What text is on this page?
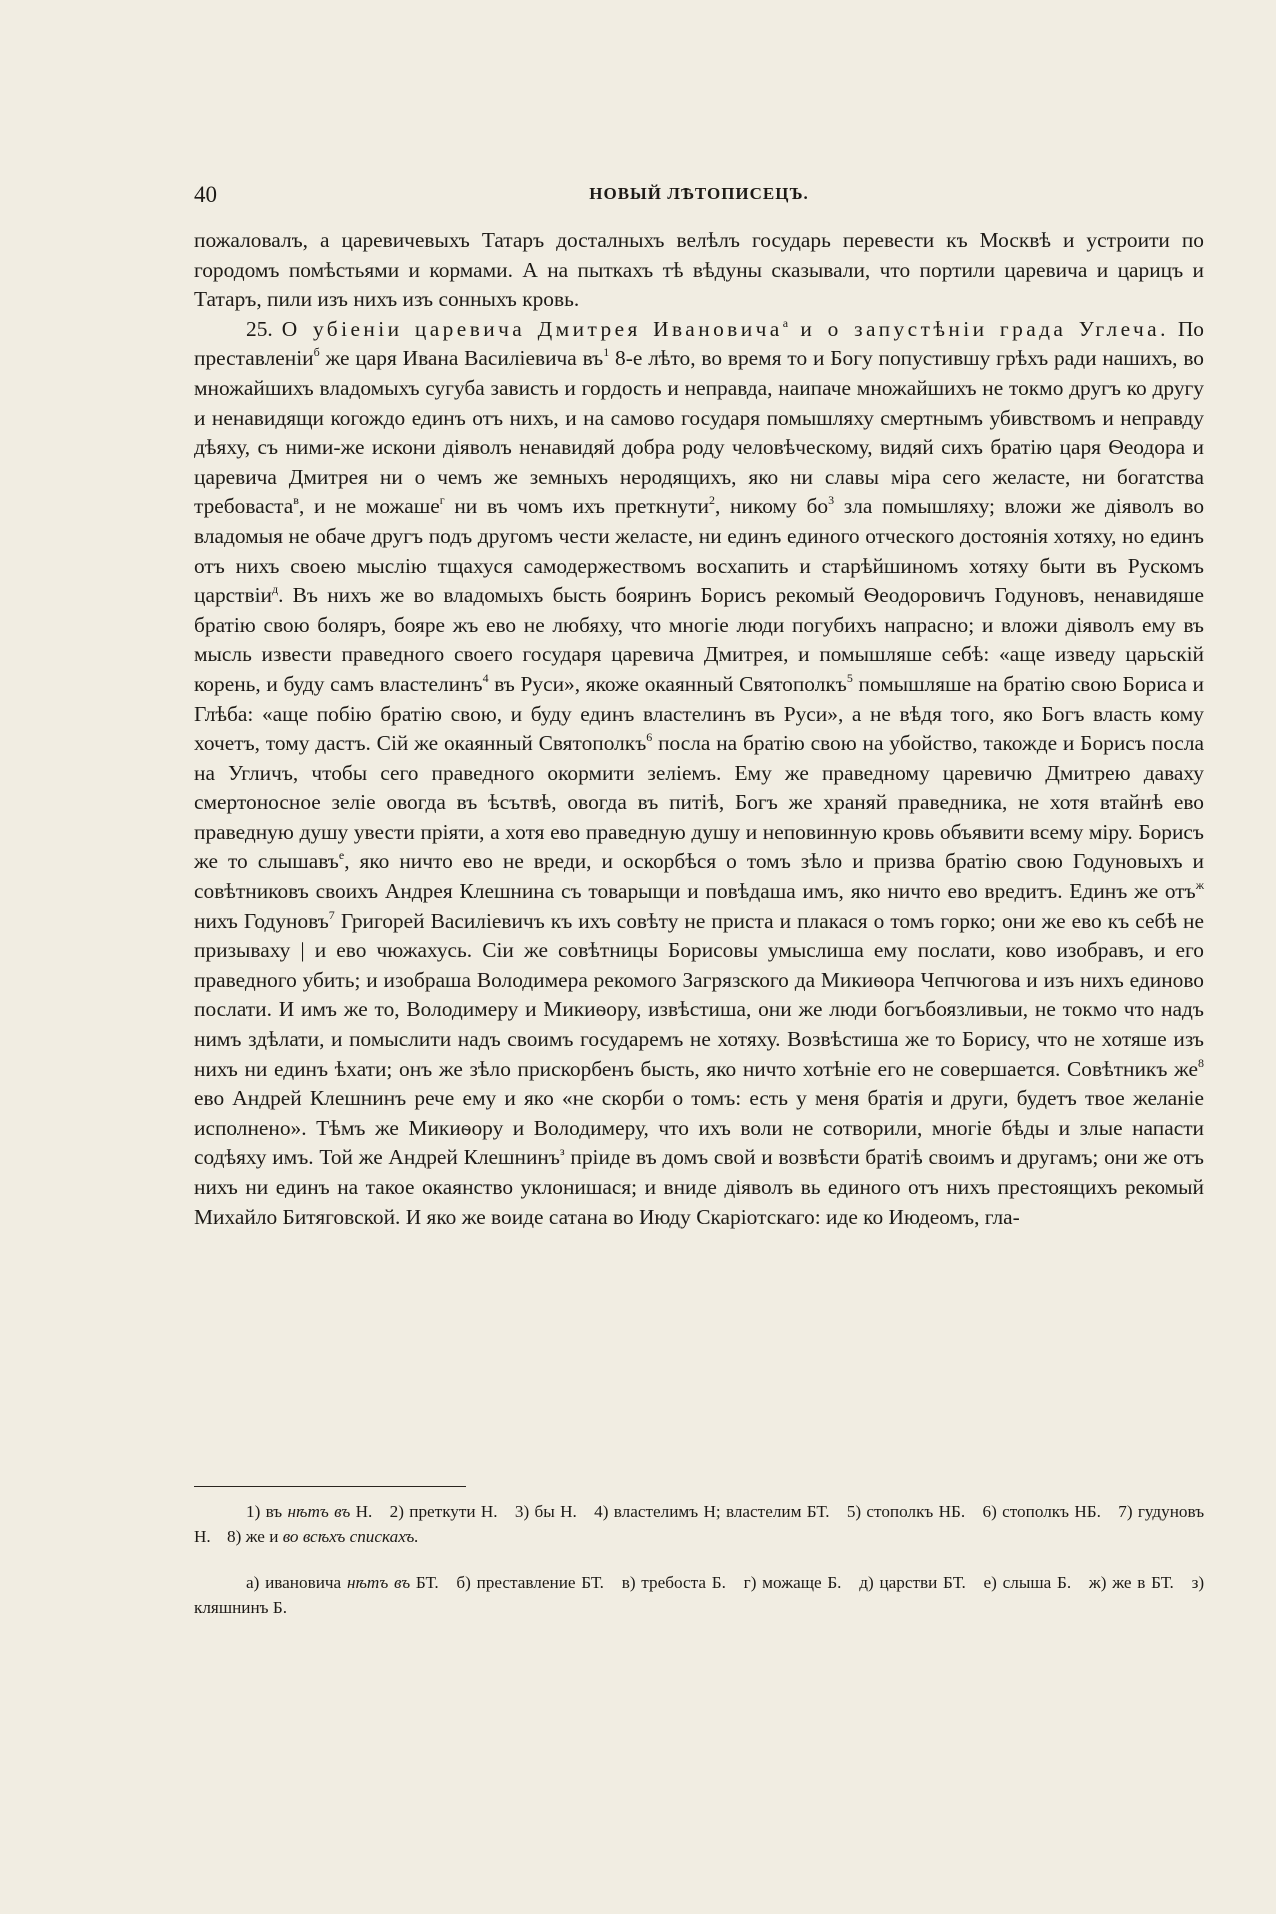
40	НОВЫЙ ЛѢТОПИСЕЦЪ.

пожаловалъ, а царевичевыхъ Татаръ досталныхъ велѣлъ государь перевести къ Москвѣ и устроити по городомъ помѣстьями и кормами. А на пыткахъ тѣ вѣдуны сказывали, что портили царевича и царицъ и Татаръ, пили изъ нихъ изъ сонныхъ кровь.

25. О убіеніи царевича Дмитрея Ивановича$^а$ и о запустѣніи града Углеча. По преставленіи$^б$ же царя Ивана Василіевича $въ^1$ 8-е лѣто, во время то и Богу попустившу грѣхъ ради нашихъ, во множайшихъ владомыхъ сугуба зависть и гордость и неправда, наипаче множайшихъ не токмо другъ ко другу и ненавидящи когождо единъ отъ нихъ, и на самово государя помышляху смертнымъ убивствомъ и неправду дѣяху, съ ними-же искони діяволъ ненавидяй добра роду человѣческому, видяй сихъ братію царя Ѳеодора и царевича Дмитрея ни о чемъ же земныхъ неродящихъ, яко ни славы міра сего желасте, ни богатства требоваста$^в$, и не можаше$^г$ ни въ чомъ ихъ преткнути$^2$, никому $бо^3$ зла помышляху; вложи же діяволъ во владомыя не обаче другъ подъ другомъ чести желасте, ни единъ единого отческого достоянія хотяху, но единъ отъ нихъ своею мыслію тщахуся самодержествомъ восхапить и старѣйшиномъ хотяху быти въ Рускомъ царствіи$^д$. Въ нихъ же во владомыхъ бысть бояринъ Борисъ рекомый Ѳеодоровичъ Годуновъ, ненавидяше братію свою боляръ, бояре жъ ево не любяху, что многіе люди погубихъ напрасно; и вложи діяволъ ему въ мысль извести праведного своего государя царевича Дмитрея, и помышляше себѣ: «аще изведу царьскій корень, и буду самъ властелинъ$^4$ въ Руси», якоже окаянный Святополкъ$^5$ помышляше на братію свою Бориса и Глѣба: «аще побію братію свою, и буду единъ властелинъ въ Руси», а не вѣдя того, яко Богъ власть кому хочетъ, тому дастъ. Сій же окаянный Святополкъ$^6$ посла на братію свою на убойство, такожде и Борисъ посла на Угличъ, чтобы сего праведного окормити зеліемъ. Ему же праведному царевичю Дмитрею даваху смертоносное зеліе овогда въ ѣсътвѣ, овогда въ питіѣ, Богъ же храняй праведника, не хотя втайнѣ ево праведную душу увести пріяти, а хотя ево праведную душу и неповинную кровь объявити всему міру. Борисъ же то слышавъ$^е$, яко ничто ево не вреди, и оскорбѣся о томъ зѣло и призва братію свою Годуновыхъ и совѣтниковъ своихъ Андрея Клешнина съ товарыщи и повѣдаша имъ, яко ничто ево вредитъ. Единъ же отъ$^ж$ нихъ Годуновъ$^7$ Григорей Василіевичъ къ ихъ совѣту не приста и плакася о томъ горко; они же ево къ себѣ не призываху | и ево чюжахусь. Сіи же совѣтницы Борисовы умыслиша ему послати, ково изобравъ, и его праведного убить; и изобраша Володимера рекомого Загрязского да Микиѳора Чепчюгова и изъ нихъ единово послати. И имъ же то, Володимеру и Микиѳору, извѣстиша, они же люди богъбоязливыи, не токмо что надъ нимъ здѣлати, и помыслити надъ своимъ государемъ не хотяху. Возвѣстиша же то Борису, что не хотяше изъ нихъ ни единъ ѣхати; онъ же зѣло прискорбенъ бысть, яко ничто хотѣніе его не совершается. Совѣтникъ $же^8$ ево Андрей Клешнинъ рече ему и яко «не скорби о томъ: есть у меня братія и други, будетъ твое желаніе исполнено». Тѣмъ же Микиѳору и Володимеру, что ихъ воли не сотворили, многіе бѣды и злые напасти содѣяху имъ. Той же Андрей Клешнинъ$^з$ пріиде въ домъ свой и возвѣсти братіѣ своимъ и другамъ; они же отъ нихъ ни единъ на такое окаянство уклонишася; и вниде діяволъ вь единого отъ нихъ престоящихъ рекомый Михайло Битяговской. И яко же воиде сатана во Июду Скаріотскаго: иде ко Июдеомъ, гла-

1) въ нѣтъ въ Н. 2) преткути Н. 3) бы Н. 4) властелимъ Н; властелим БТ. 5) стополкъ НБ. 6) стополкъ НБ. 7) гудуновъ Н. 8) же и во всѣхъ спискахъ.

а) ивановича нѣтъ въ БТ. б) преставление БТ. в) требоста Б. г) можаще Б. д) царстви БТ. е) слыша Б. ж) же в БТ. з) кляшнинъ Б.
